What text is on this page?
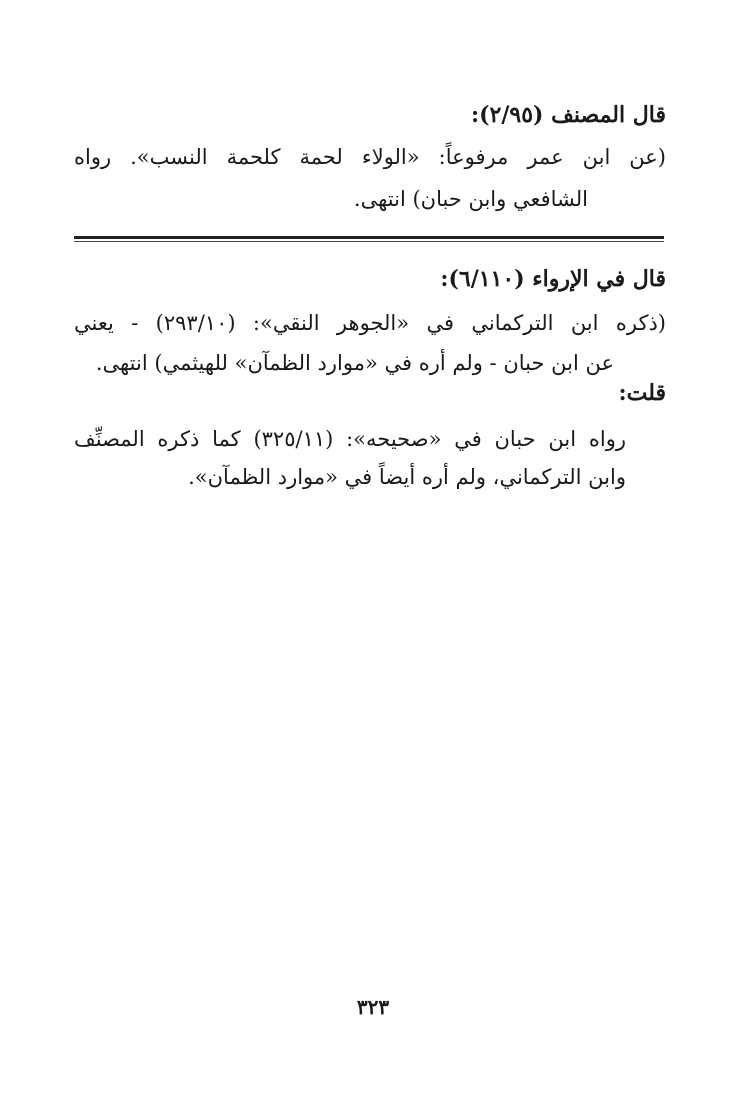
قال المصنف (٢/٩٥):
(عن ابن عمر مرفوعاً: «الولاء لحمة كلحمة النسب». رواه
الشافعي وابن حبان) انتهى.
قال في الإرواء (٦/١١٠):
(ذكره ابن التركماني في «الجوهر النقي»: (٢٩٣/١٠) - يعني
عن ابن حبان - ولم أره في «موارد الظمآن» للهيثمي) انتهى.
قلت:
رواه ابن حبان في «صحيحه»: (٣٢٥/١١) كما ذكره المصنِّف
وابن التركماني، ولم أره أيضاً في «موارد الظمآن».
٣٢٣
